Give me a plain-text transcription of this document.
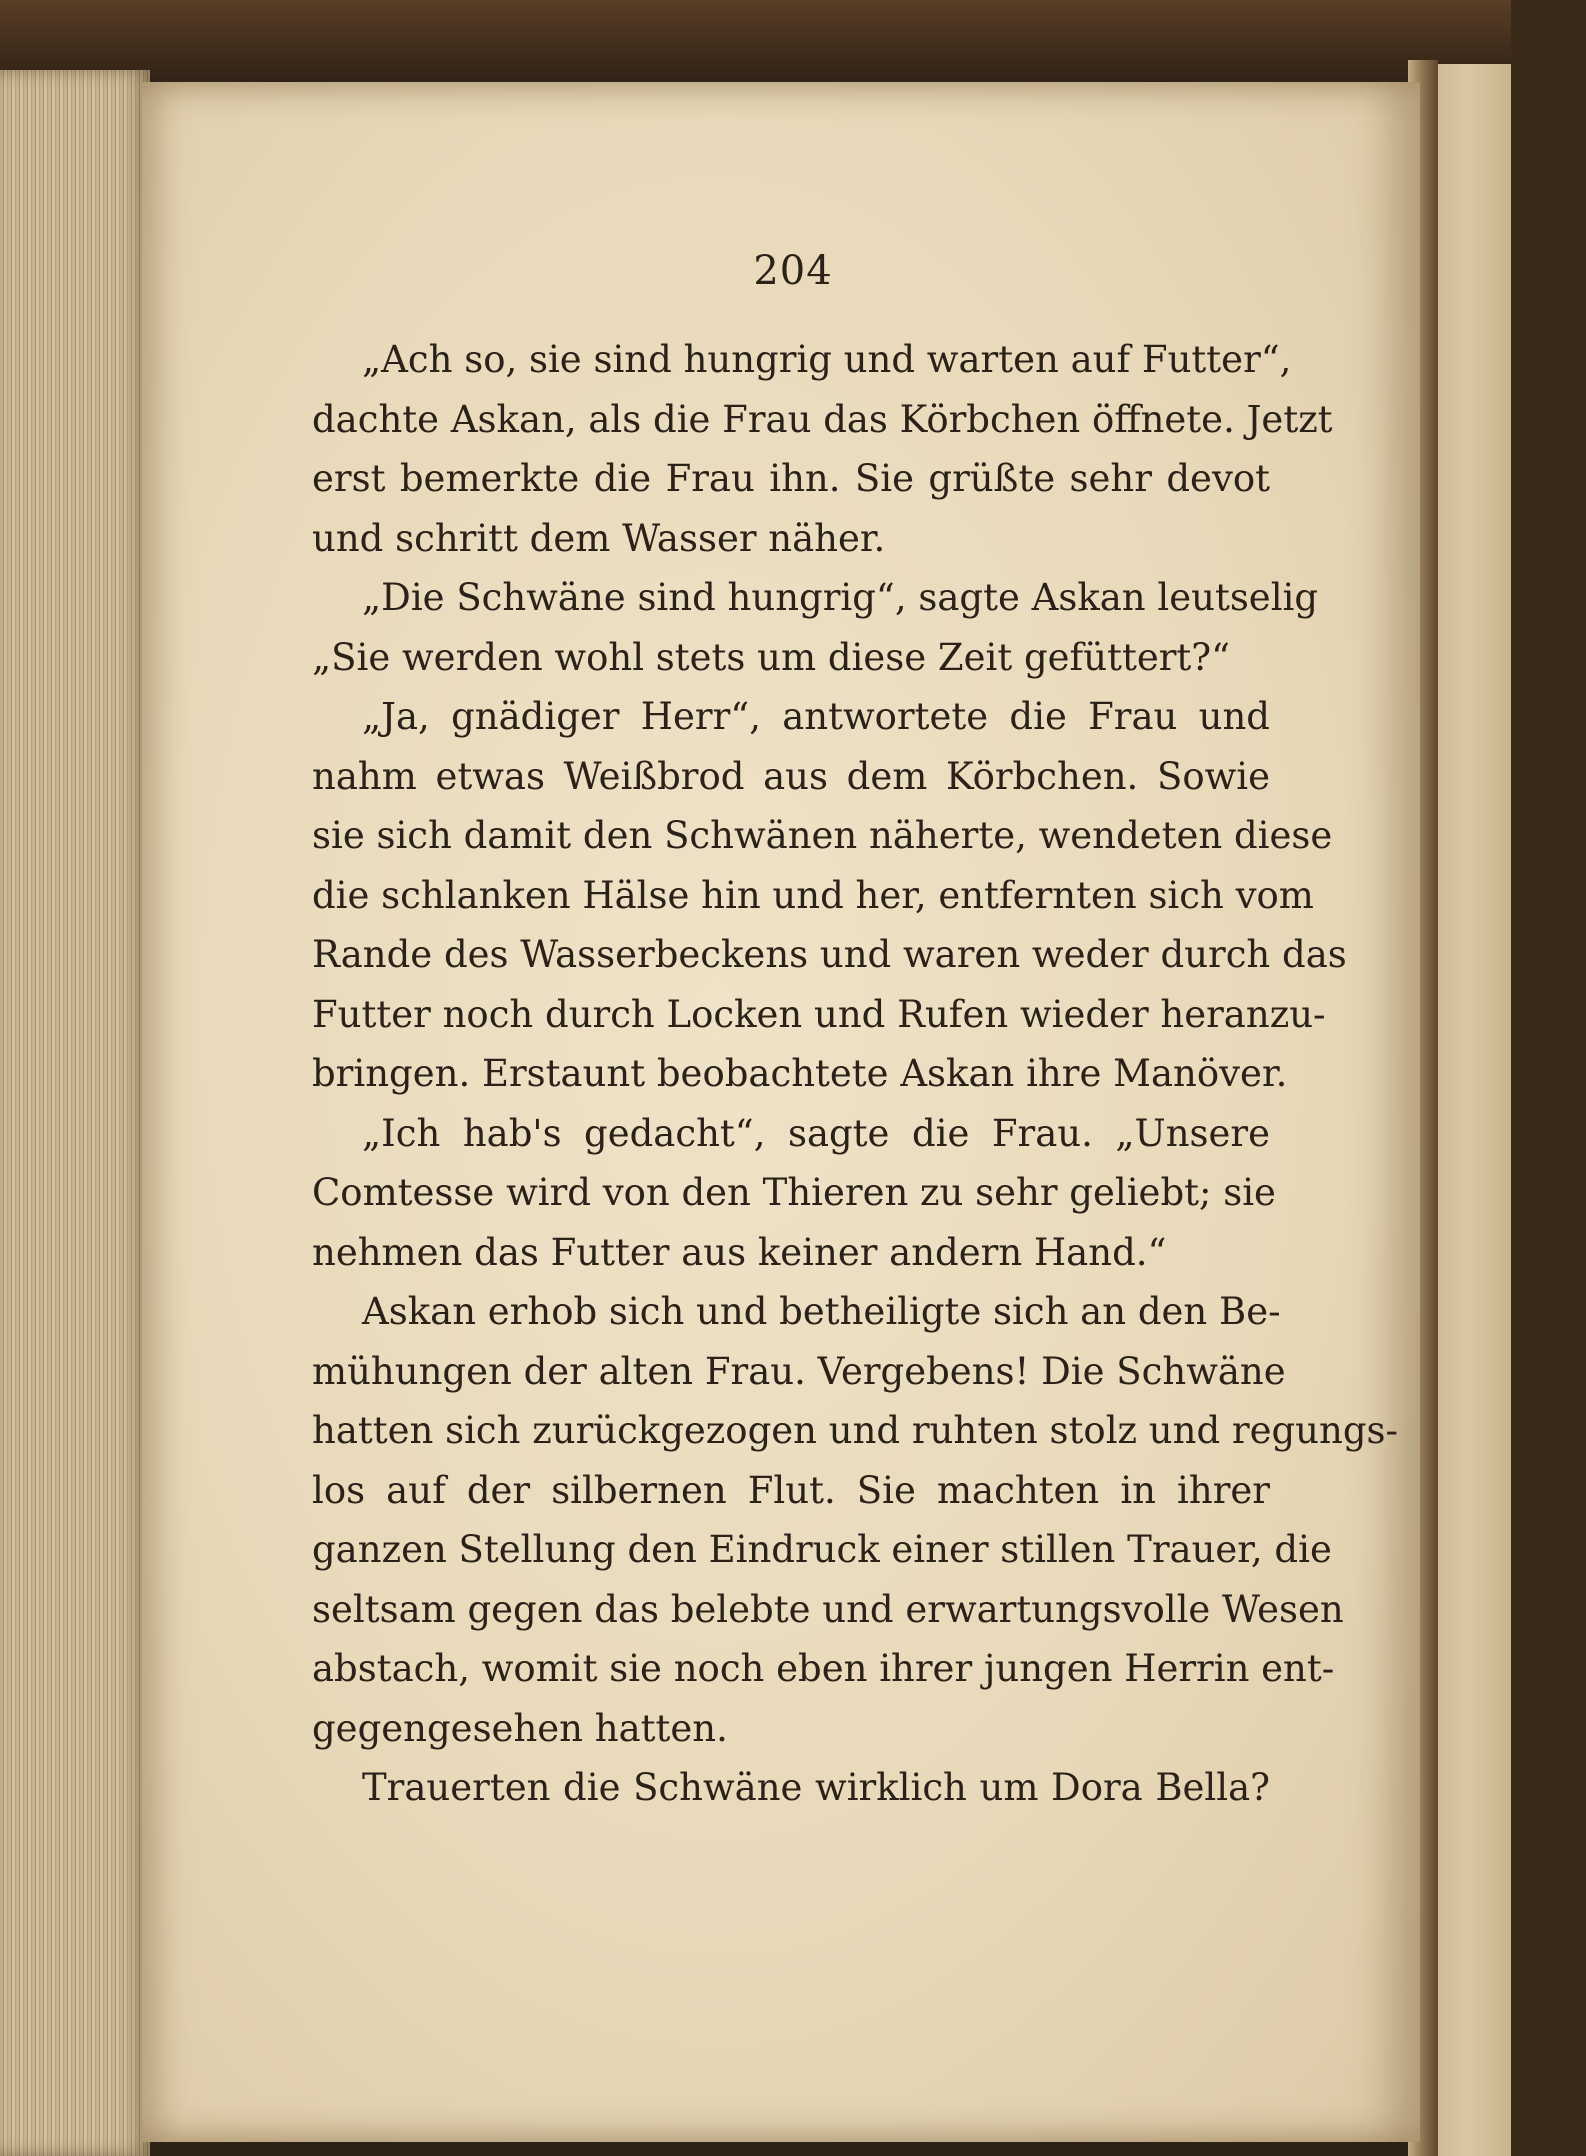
204
„Ach so, sie sind hungrig und warten auf Futter“,
dachte Askan, als die Frau das Körbchen öffnete. Jetzt
erst bemerkte die Frau ihn. Sie grüßte sehr devot
und schritt dem Wasser näher.
„Die Schwäne sind hungrig“, sagte Askan leutselig
„Sie werden wohl stets um diese Zeit gefüttert?“
„Ja, gnädiger Herr“, antwortete die Frau und
nahm etwas Weißbrod aus dem Körbchen. Sowie
sie sich damit den Schwänen näherte, wendeten diese
die schlanken Hälse hin und her, entfernten sich vom
Rande des Wasserbeckens und waren weder durch das
Futter noch durch Locken und Rufen wieder heranzu-
bringen. Erstaunt beobachtete Askan ihre Manöver.
„Ich hab's gedacht“, sagte die Frau. „Unsere
Comtesse wird von den Thieren zu sehr geliebt; sie
nehmen das Futter aus keiner andern Hand.“
Askan erhob sich und betheiligte sich an den Be-
mühungen der alten Frau. Vergebens! Die Schwäne
hatten sich zurückgezogen und ruhten stolz und regungs-
los auf der silbernen Flut. Sie machten in ihrer
ganzen Stellung den Eindruck einer stillen Trauer, die
seltsam gegen das belebte und erwartungsvolle Wesen
abstach, womit sie noch eben ihrer jungen Herrin ent-
gegengesehen hatten.
Trauerten die Schwäne wirklich um Dora Bella?
